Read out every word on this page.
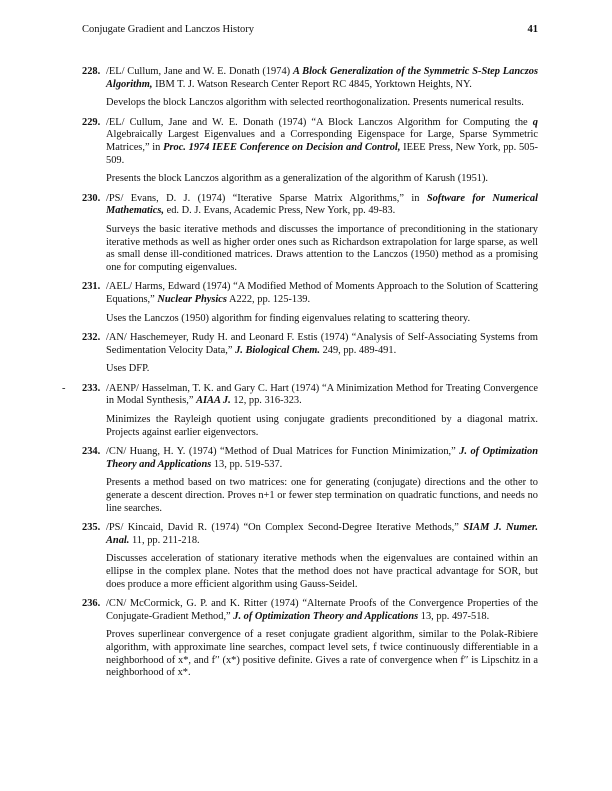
Conjugate Gradient and Lanczos History	41
228. /EL/ Cullum, Jane and W. E. Donath (1974) A Block Generalization of the Symmetric S-Step Lanczos Algorithm, IBM T. J. Watson Research Center Report RC 4845, Yorktown Heights, NY.
Develops the block Lanczos algorithm with selected reorthogonalization. Presents numerical results.
229. /EL/ Cullum, Jane and W. E. Donath (1974) “A Block Lanczos Algorithm for Computing the q Algebraically Largest Eigenvalues and a Corresponding Eigenspace for Large, Sparse Symmetric Matrices,” in Proc. 1974 IEEE Conference on Decision and Control, IEEE Press, New York, pp. 505-509.
Presents the block Lanczos algorithm as a generalization of the algorithm of Karush (1951).
230. /PS/ Evans, D. J. (1974) “Iterative Sparse Matrix Algorithms,” in Software for Numerical Mathematics, ed. D. J. Evans, Academic Press, New York, pp. 49-83.
Surveys the basic iterative methods and discusses the importance of preconditioning in the stationary iterative methods as well as higher order ones such as Richardson extrapolation for large sparse, as well as small dense ill-conditioned matrices. Draws attention to the Lanczos (1950) method as a promising one for computing eigenvalues.
231. /AEL/ Harms, Edward (1974) “A Modified Method of Moments Approach to the Solution of Scattering Equations,” Nuclear Physics A222, pp. 125-139.
Uses the Lanczos (1950) algorithm for finding eigenvalues relating to scattering theory.
232. /AN/ Haschemeyer, Rudy H. and Leonard F. Estis (1974) “Analysis of Self-Associating Systems from Sedimentation Velocity Data,” J. Biological Chem. 249, pp. 489-491.
Uses DFP.
- 233. /AENP/ Hasselman, T. K. and Gary C. Hart (1974) “A Minimization Method for Treating Convergence in Modal Synthesis,” AIAA J. 12, pp. 316-323.
Minimizes the Rayleigh quotient using conjugate gradients preconditioned by a diagonal matrix. Projects against earlier eigenvectors.
234. /CN/ Huang, H. Y. (1974) “Method of Dual Matrices for Function Minimization,” J. of Optimization Theory and Applications 13, pp. 519-537.
Presents a method based on two matrices: one for generating (conjugate) directions and the other to generate a descent direction. Proves n+1 or fewer step termination on quadratic functions, and needs no line searches.
235. /PS/ Kincaid, David R. (1974) “On Complex Second-Degree Iterative Methods,” SIAM J. Numer. Anal. 11, pp. 211-218.
Discusses acceleration of stationary iterative methods when the eigenvalues are contained within an ellipse in the complex plane. Notes that the method does not have practical advantage for SOR, but does produce a more efficient algorithm using Gauss-Seidel.
236. /CN/ McCormick, G. P. and K. Ritter (1974) “Alternate Proofs of the Convergence Properties of the Conjugate-Gradient Method,” J. of Optimization Theory and Applications 13, pp. 497-518.
Proves superlinear convergence of a reset conjugate gradient algorithm, similar to the Polak-Ribiere algorithm, with approximate line searches, compact level sets, f twice continuously differentiable in a neighborhood of x*, and f′′ (x*) positive definite. Gives a rate of convergence when f′′ is Lipschitz in a neighborhood of x*.
